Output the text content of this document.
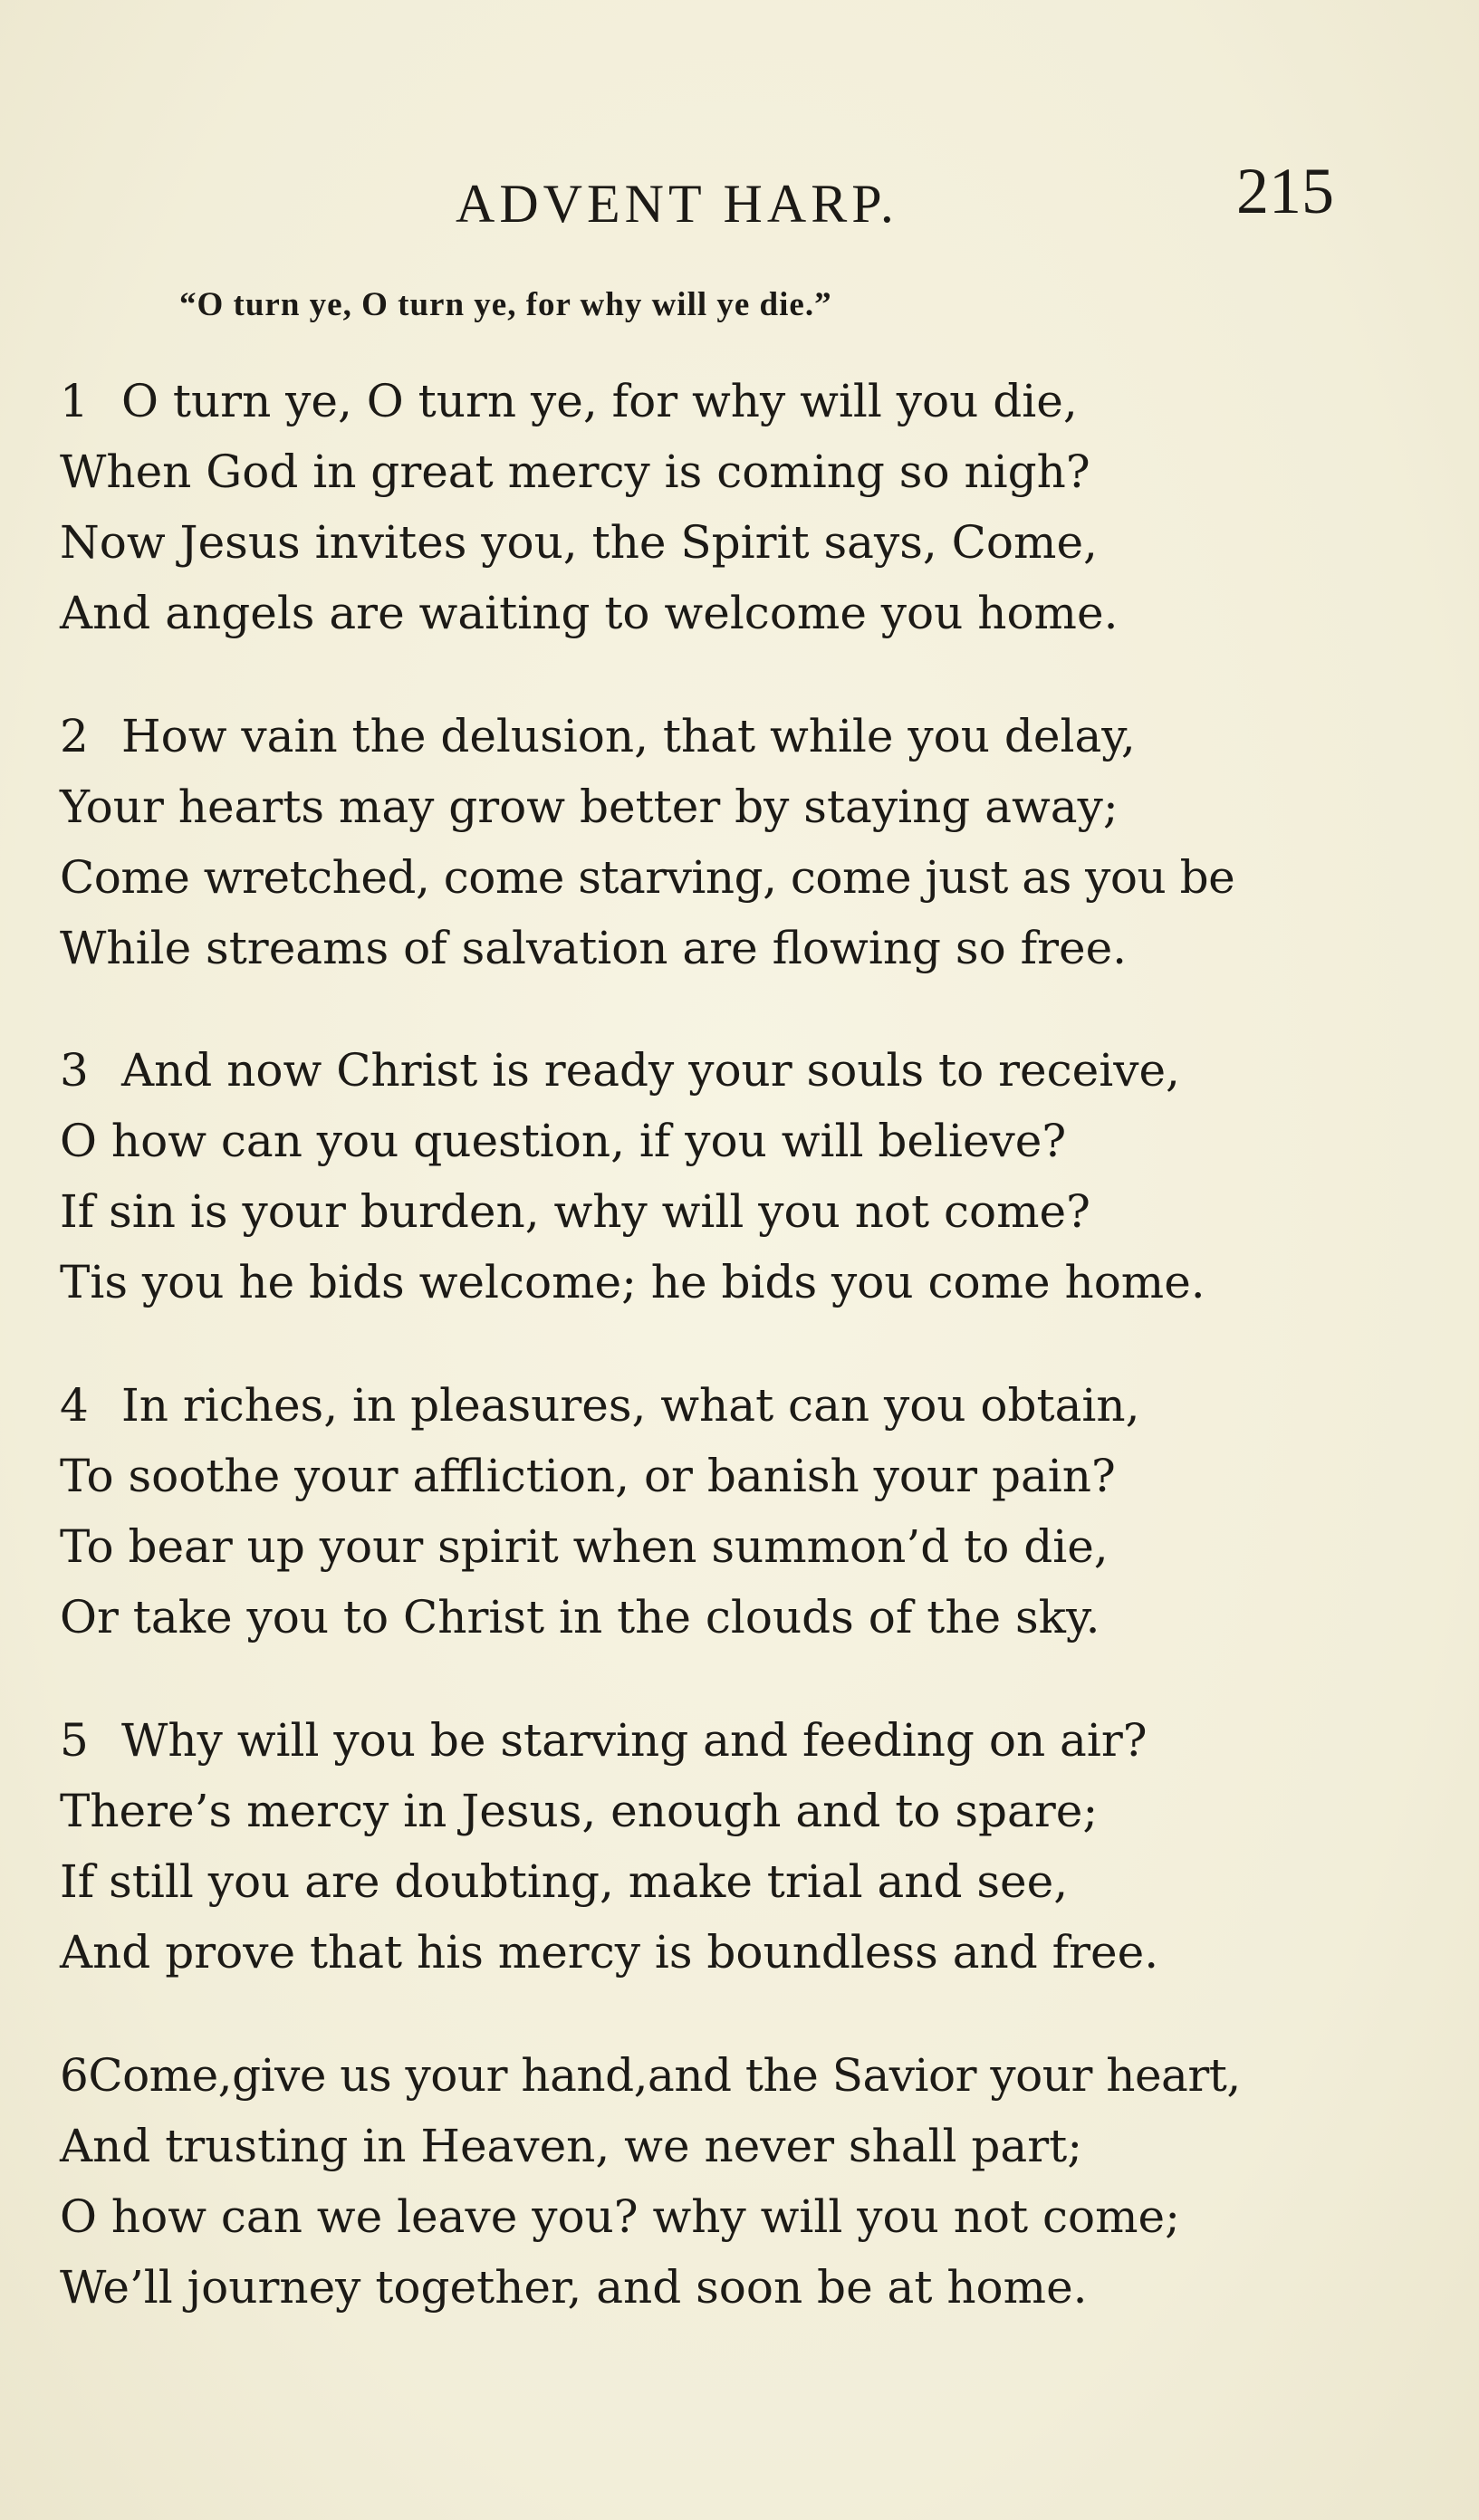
ADVENT HARP.	215
“O turn ye, O turn ye, for why will ye die.”
1 O turn ye, O turn ye, for why will you die,
When God in great mercy is coming so nigh?
Now Jesus invites you, the Spirit says, Come,
And angels are waiting to welcome you home.
2 How vain the delusion, that while you delay,
Your hearts may grow better by staying away;
Come wretched, come starving, come just as you be
While streams of salvation are flowing so free.
3 And now Christ is ready your souls to receive,
O how can you question, if you will believe?
If sin is your burden, why will you not come?
Tis you he bids welcome; he bids you come home.
4 In riches, in pleasures, what can you obtain,
To soothe your affliction, or banish your pain?
To bear up your spirit when summon’d to die,
Or take you to Christ in the clouds of the sky.
5 Why will you be starving and feeding on air?
There’s mercy in Jesus, enough and to spare;
If still you are doubting, make trial and see,
And prove that his mercy is boundless and free.
6Come,give us your hand,and the Savior your heart,
And trusting in Heaven, we never shall part;
O how can we leave you? why will you not come;
We’ll journey together, and soon be at home.
